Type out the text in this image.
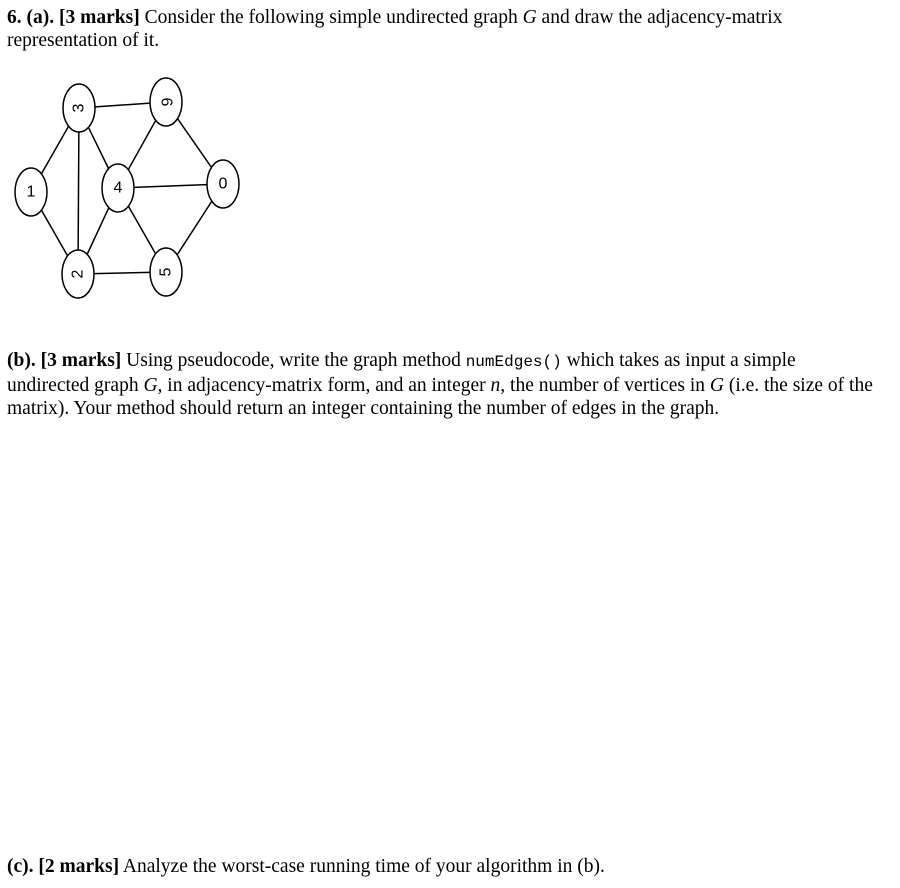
6. (a). [3 marks] Consider the following simple undirected graph G and draw the adjacency-matrix
representation of it.
0
1
2
3
4
5
6
(b). [3 marks] Using pseudocode, write the graph method numEdges() which takes as input a simple
undirected graph G, in adjacency-matrix form, and an integer n, the number of vertices in G (i.e. the size of the
matrix). Your method should return an integer containing the number of edges in the graph.
(c). [2 marks] Analyze the worst-case running time of your algorithm in (b).
